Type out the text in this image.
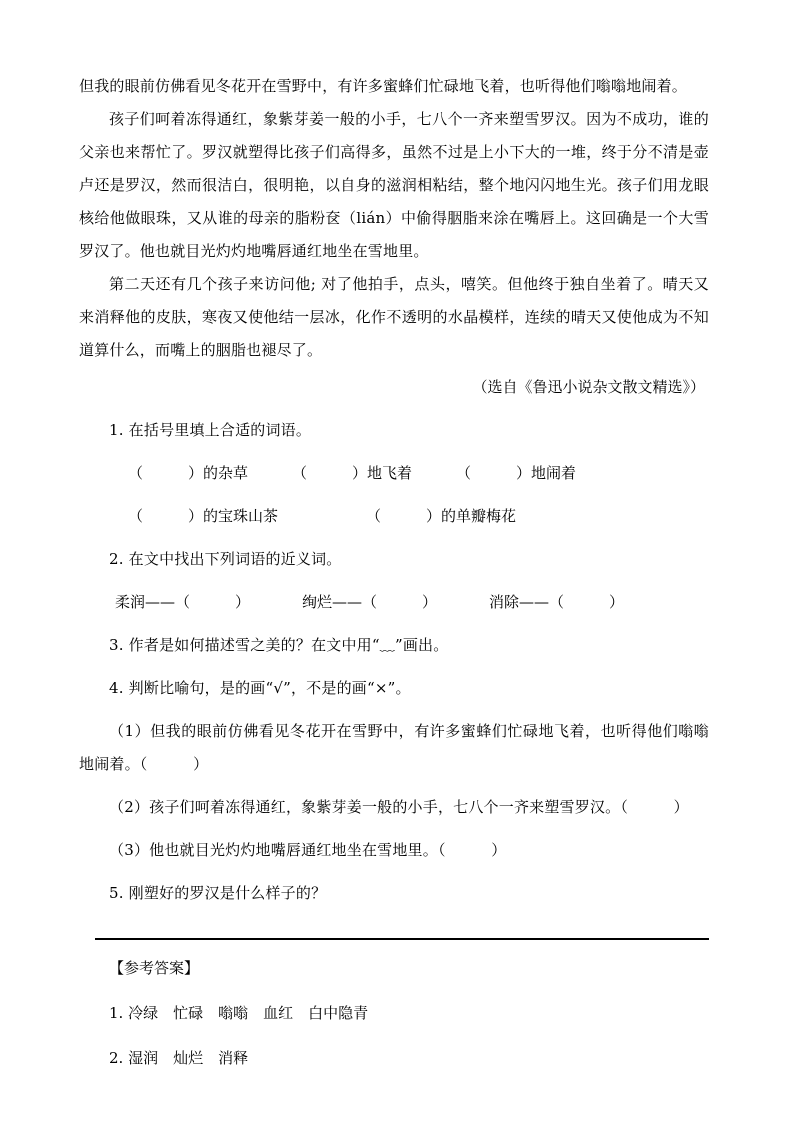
但我的眼前仿佛看见冬花开在雪野中，有许多蜜蜂们忙碌地飞着，也听得他们嗡嗡地闹着。

孩子们呵着冻得通红，象紫芽姜一般的小手，七八个一齐来塑雪罗汉。因为不成功，谁的父亲也来帮忙了。罗汉就塑得比孩子们高得多，虽然不过是上小下大的一堆，终于分不清是壶卢还是罗汉，然而很洁白，很明艳，以自身的滋润相粘结，整个地闪闪地生光。孩子们用龙眼核给他做眼珠，又从谁的母亲的脂粉奁（lián）中偷得胭脂来涂在嘴唇上。这回确是一个大雪罗汉了。他也就目光灼灼地嘴唇通红地坐在雪地里。

第二天还有几个孩子来访问他; 对了他拍手，点头，嘻笑。但他终于独自坐着了。晴天又来消释他的皮肤，寒夜又使他结一层冰，化作不透明的水晶模样，连续的晴天又使他成为不知道算什么，而嘴上的胭脂也褪尽了。

（选自《鲁迅小说杂文散文精选》）

1. 在括号里填上合适的词语。

（　　　）的杂草	（　　　）地飞着	（　　　）地闹着
（　　　）的宝珠山茶	（　　　）的单瓣梅花

2. 在文中找出下列词语的近义词。

柔润——（　　　）	绚烂——（　　　）	消除——（　　　）

3. 作者是如何描述雪之美的？在文中用“﹏”画出。

4. 判断比喻句，是的画“√”，不是的画“×”。

（1）但我的眼前仿佛看见冬花开在雪野中，有许多蜜蜂们忙碌地飞着，也听得他们嗡嗡地闹着。（　　　）

（2）孩子们呵着冻得通红，象紫芽姜一般的小手，七八个一齐来塑雪罗汉。（　　　）

（3）他也就目光灼灼地嘴唇通红地坐在雪地里。（　　　）

5. 刚塑好的罗汉是什么样子的？

【参考答案】

1. 冷绿　忙碌　嗡嗡　血红　白中隐青

2. 湿润　灿烂　消释
